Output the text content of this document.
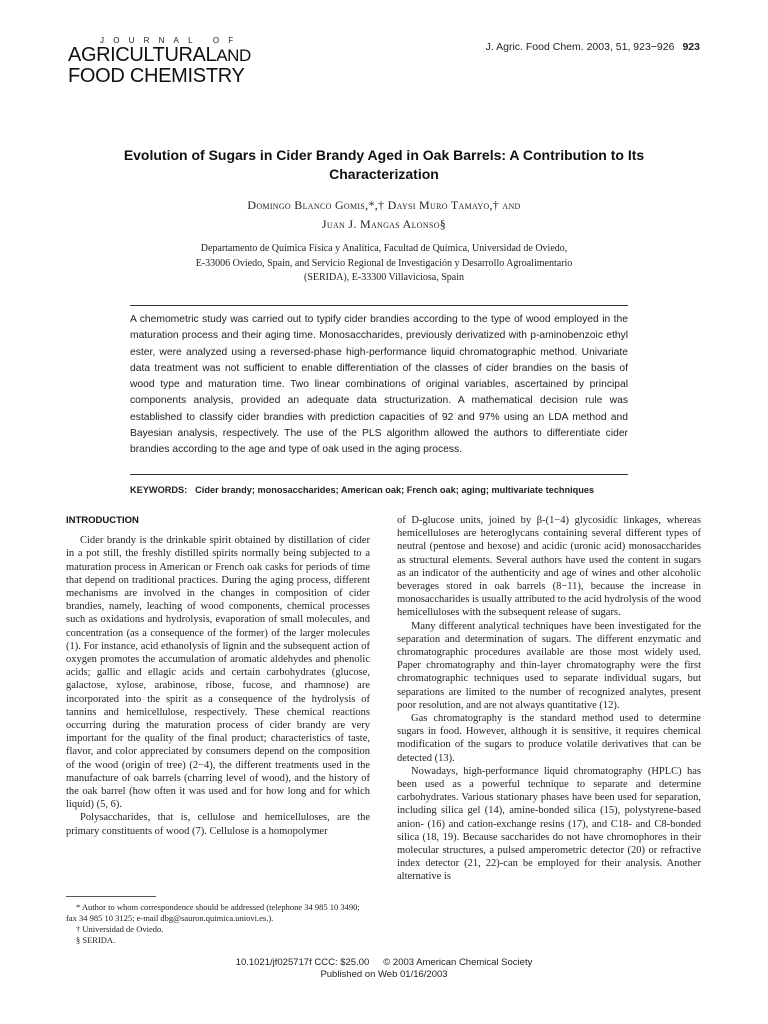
JOURNAL OF
AGRICULTURALAND
FOOD CHEMISTRY
J. Agric. Food Chem. 2003, 51, 923−926 923
Evolution of Sugars in Cider Brandy Aged in Oak Barrels: A Contribution to Its Characterization
Domingo Blanco Gomis,*,† Daysi Muro Tamayo,† and
Juan J. Mangas Alonso§
Departamento de Química Física y Analítica, Facultad de Química, Universidad de Oviedo,
E-33006 Oviedo, Spain, and Servicio Regional de Investigación y Desarrollo Agroalimentario
(SERIDA), E-33300 Villaviciosa, Spain

A chemometric study was carried out to typify cider brandies according to the type of wood employed in the maturation process and their aging time. Monosaccharides, previously derivatized with p-aminobenzoic ethyl ester, were analyzed using a reversed-phase high-performance liquid chromatographic method. Univariate data treatment was not sufficient to enable differentiation of the classes of cider brandies on the basis of wood type and maturation time. Two linear combinations of original variables, ascertained by principal components analysis, provided an adequate data structurization. A mathematical decision rule was established to classify cider brandies with prediction capacities of 92 and 97% using an LDA method and Bayesian analysis, respectively. The use of the PLS algorithm allowed the authors to differentiate cider brandies according to the age and type of oak used in the aging process.

KEYWORDS: Cider brandy; monosaccharides; American oak; French oak; aging; multivariate techniques
INTRODUCTION

Cider brandy is the drinkable spirit obtained by distillation of cider in a pot still, the freshly distilled spirits normally being subjected to a maturation process in American or French oak casks for periods of time that depend on traditional practices. During the aging process, different mechanisms are involved in the changes in composition of cider brandies, namely, leaching of wood components, chemical processes such as oxidations and hydrolysis, evaporation of small molecules, and concentration (as a consequence of the former) of the larger molecules (1). For instance, acid ethanolysis of lignin and the subsequent action of oxygen promotes the accumulation of aromatic aldehydes and phenolic acids; gallic and ellagic acids and certain carbohydrates (glucose, galactose, xylose, arabinose, ribose, fucose, and rhamnose) are incorporated into the spirit as a consequence of the hydrolysis of tannins and hemicellulose, respectively. These chemical reactions occurring during the maturation process of cider brandy are very important for the quality of the final product; characteristics of taste, flavor, and color appreciated by consumers depend on the composition of the wood (origin of tree) (2−4), the different treatments used in the manufacture of oak barrels (charring level of wood), and the history of the oak barrel (how often it was used and for how long and for which liquid) (5, 6).

Polysaccharides, that is, cellulose and hemicelluloses, are the primary constituents of wood (7). Cellulose is a homopolymer

* Author to whom correspondence should be addressed (telephone 34 985 10 3490; fax 34 985 10 3125; e-mail dbg@sauron.quimica.uniovi.es.).
† Universidad de Oviedo.
§ SERIDA.

of D-glucose units, joined by β-(1−4) glycosidic linkages, whereas hemicelluloses are heteroglycans containing several different types of neutral (pentose and hexose) and acidic (uronic acid) monosaccharides as structural elements. Several authors have used the content in sugars as an indicator of the authenticity and age of wines and other alcoholic beverages stored in oak barrels (8−11), because the increase in monosaccharides is usually attributed to the acid hydrolysis of the wood hemicelluloses with the subsequent release of sugars.

Many different analytical techniques have been investigated for the separation and determination of sugars. The different enzymatic and chromatographic procedures available are those most widely used. Paper chromatography and thin-layer chromatography were the first chromatographic techniques used to separate individual sugars, but separations are limited to the number of recognized analytes, present poor resolution, and are not always quantitative (12).

Gas chromatography is the standard method used to determine sugars in food. However, although it is sensitive, it requires chemical modification of the sugars to produce volatile derivatives that can be detected (13).

Nowadays, high-performance liquid chromatography (HPLC) has been used as a powerful technique to separate and determine carbohydrates. Various stationary phases have been used for separation, including silica gel (14), amine-bonded silica (15), polystyrene-based anion- (16) and cation-exchange resins (17), and C18- and C8-bonded silica (18, 19). Because saccharides do not have chromophores in their molecular structures, a pulsed amperometric detector (20) or refractive index detector (21, 22)-can be employed for their analysis. Another alternative is

10.1021/jf025717f CCC: $25.00 © 2003 American Chemical Society
Published on Web 01/16/2003
